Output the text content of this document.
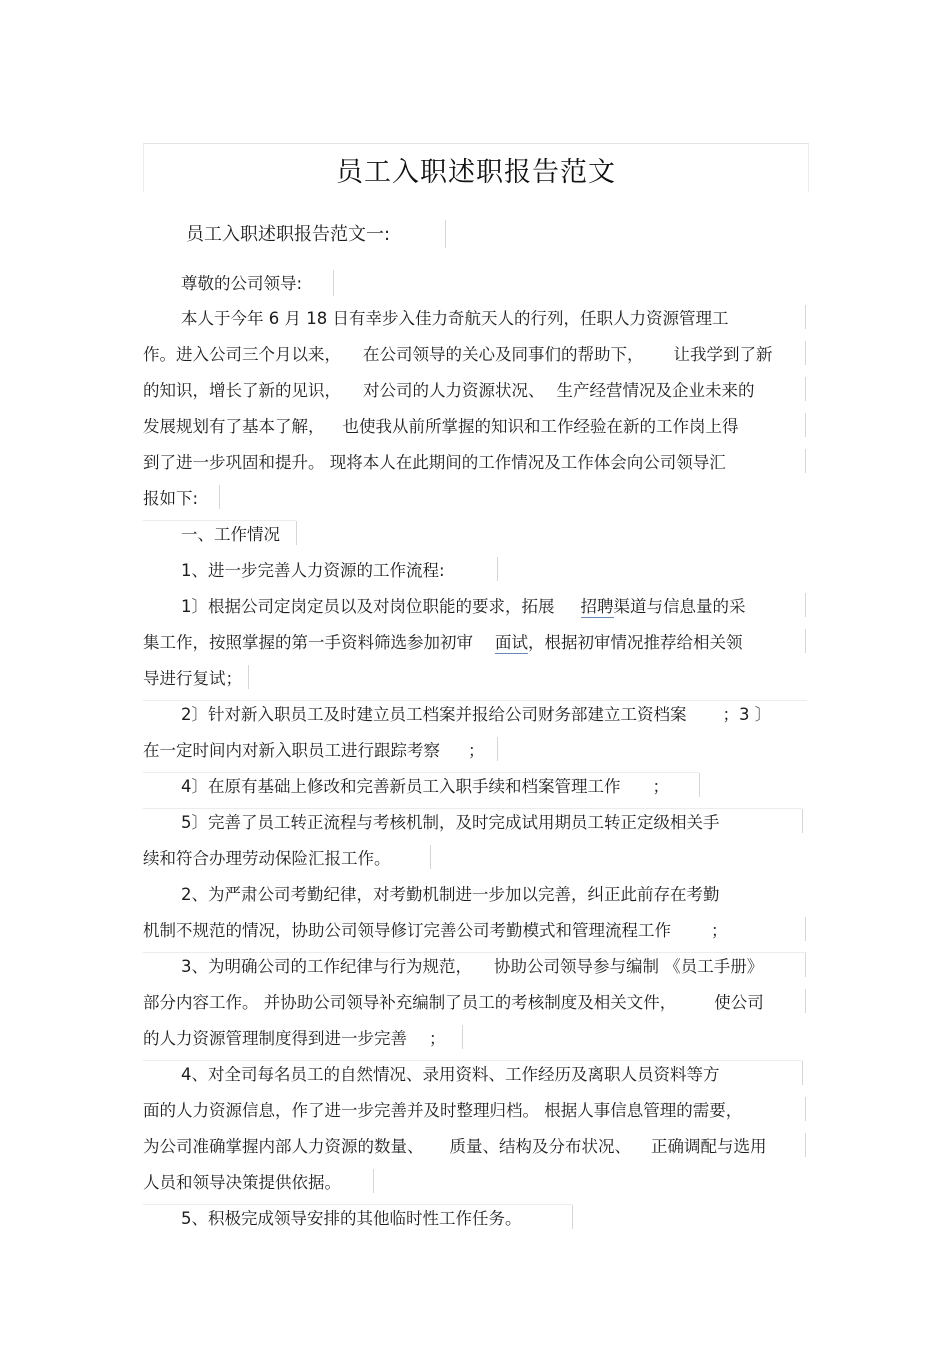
员工入职述职报告范文
员工入职述职报告范文一:
尊敬的公司领导:
本人于今年 6 月 18 日有幸步入佳力奇航天人的行列，任职人力资源管理工
作。进入公司三个月以来， 在公司领导的关心及同事们的帮助下， 让我学到了新
的知识，增长了新的见识， 对公司的人力资源状况、 生产经营情况及企业未来的
发展规划有了基本了解， 也使我从前所掌握的知识和工作经验在新的工作岗上得
到了进一步巩固和提升。 现将本人在此期间的工作情况及工作体会向公司领导汇
报如下:
一、工作情况
1、进一步完善人力资源的工作流程:
1〕根据公司定岗定员以及对岗位职能的要求，拓展 招聘渠道与信息量的采
集工作，按照掌握的第一手资料筛选参加初审 面试，根据初审情况推荐给相关领
导进行复试；
2〕针对新入职员工及时建立员工档案并报给公司财务部建立工资档案 ；3 〕
在一定时间内对新入职员工进行跟踪考察 ；
4〕在原有基础上修改和完善新员工入职手续和档案管理工作 ；
5〕完善了员工转正流程与考核机制，及时完成试用期员工转正定级相关手
续和符合办理劳动保险汇报工作。
2、为严肃公司考勤纪律，对考勤机制进一步加以完善，纠正此前存在考勤
机制不规范的情况，协助公司领导修订完善公司考勤模式和管理流程工作 ；
3、为明确公司的工作纪律与行为规范， 协助公司领导参与编制 《员工手册》
部分内容工作。 并协助公司领导补充编制了员工的考核制度及相关文件， 使公司
的人力资源管理制度得到进一步完善 ；
4、对全司每名员工的自然情况、录用资料、工作经历及离职人员资料等方
面的人力资源信息，作了进一步完善并及时整理归档。 根据人事信息管理的需要，
为公司准确掌握内部人力资源的数量、 质量、结构及分布状况、 正确调配与选用
人员和领导决策提供依据。
5、积极完成领导安排的其他临时性工作任务。
